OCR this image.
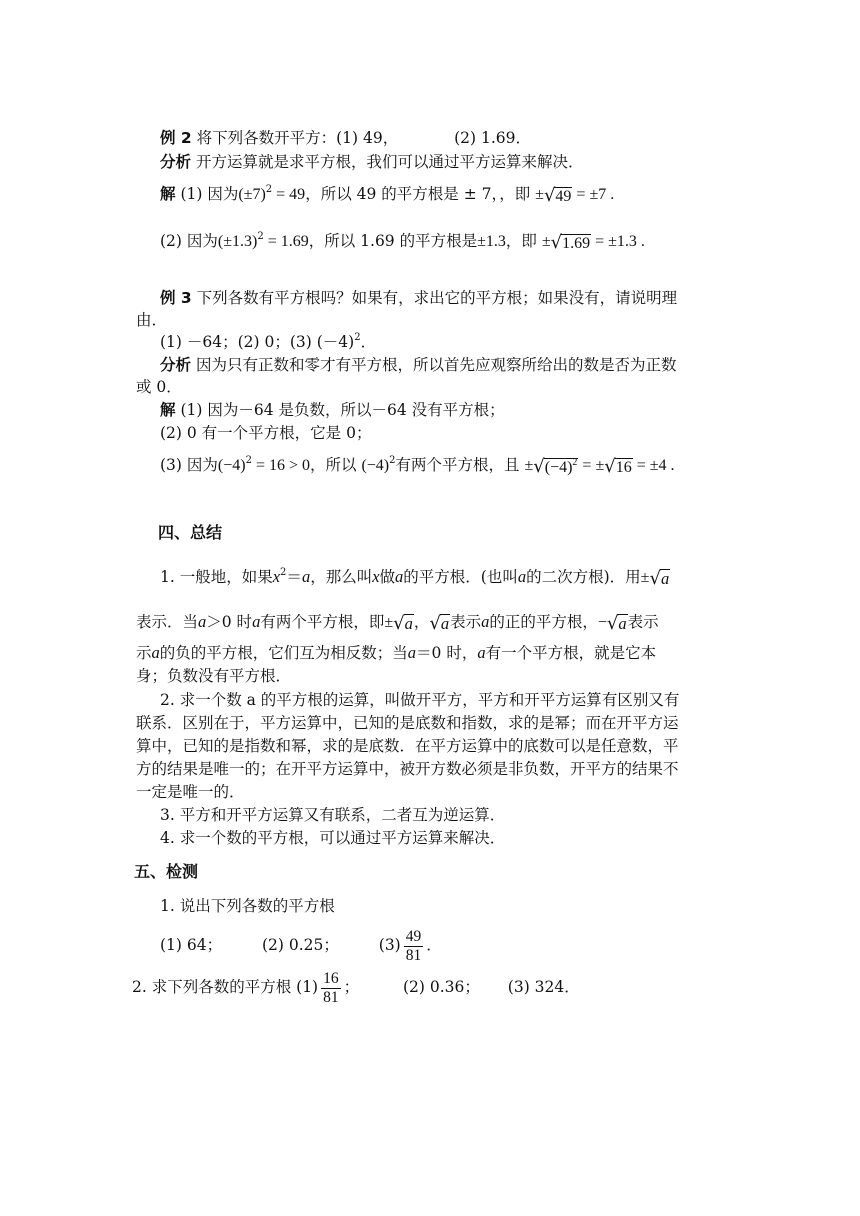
例 2 将下列各数开平方：(1) 49，	(2) 1.69．
分析 开方运算就是求平方根，我们可以通过平方运算来解决．
解 (1) 因为$(\pm 7)^2 = 49$，所以 49 的平方根是 ± 7，，即 ±√49 = ±7 .
(2) 因为$(\pm 1.3)^2 = 1.69$，所以 1.69 的平方根是±1.3，即 ±√1.69 = ±1.3 .
例 3 下列各数有平方根吗？如果有，求出它的平方根；如果没有，请说明理
由．
(1) －64；(2) 0；(3) $(-4)^2$．
分析 因为只有正数和零才有平方根，所以首先应观察所给出的数是否为正数
或 0．
解 (1) 因为－64 是负数，所以－64 没有平方根；
(2) 0 有一个平方根，它是 0；
(3) 因为$(-4)^2 = 16 > 0$，所以 $(-4)^2$有两个平方根，且 $\pm√(-4)^2 = \pm√16 = \pm 4$ .
四、总结
1. 一般地，如果$x^2=a$，那么叫x做a的平方根．(也叫a的二次方根)．用±√a
表示．当a＞0 时a有两个平方根，即±√a，√a表示a的正的平方根，−√a表示
示a的负的平方根，它们互为相反数；当a＝0 时，a有一个平方根，就是它本
身；负数没有平方根．
2. 求一个数 a 的平方根的运算，叫做开平方，平方和开平方运算有区别又有
联系．区别在于，平方运算中，已知的是底数和指数，求的是幂；而在开平方运
算中，已知的是指数和幂，求的是底数．在平方运算中的底数可以是任意数，平
方的结果是唯一的；在开平方运算中，被开方数必须是非负数，开平方的结果不
一定是唯一的．
3. 平方和开平方运算又有联系，二者互为逆运算．
4. 求一个数的平方根，可以通过平方运算来解决．
五、检测
1. 说出下列各数的平方根
(1) 64；	(2) 0.25；	$(3) \frac{49}{81}$ ．
2. 求下列各数的平方根 $(1) \frac{16}{81}$ ；	(2) 0.36； (3) 324．
